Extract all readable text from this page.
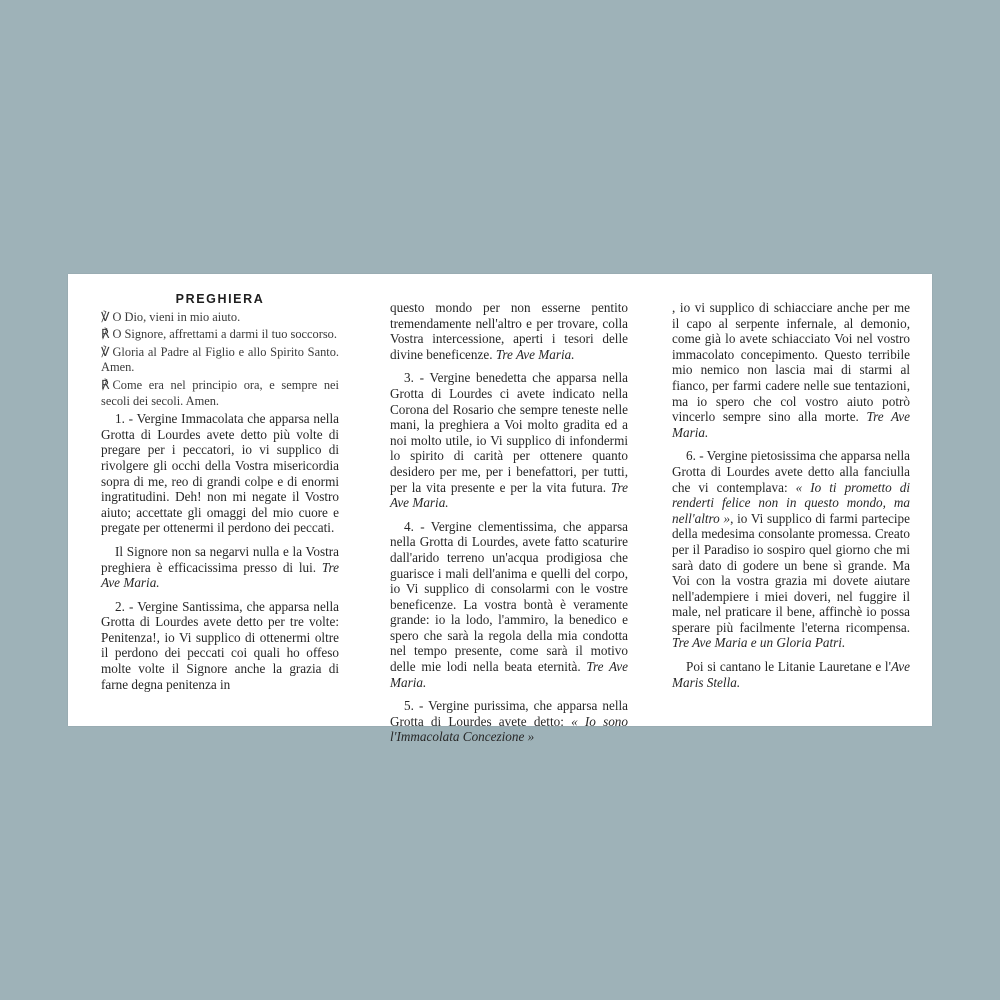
PREGHIERA

℣ O Dio, vieni in mio aiuto.

℟ O Signore, affrettami a darmi il tuo soccorso.

℣ Gloria al Padre al Figlio e allo Spirito Santo. Amen.

℟ Come era nel principio ora, e sempre nei secoli dei secoli. Amen.

1. - Vergine Immacolata che apparsa nella Grotta di Lourdes avete detto più volte di pregare per i peccatori, io vi supplico di rivolgere gli occhi della Vostra misericordia sopra di me, reo di grandi colpe e di enormi ingratitudini. Deh! non mi negate il Vostro aiuto; accettate gli omaggi del mio cuore e pregate per ottenermi il perdono dei peccati.

Il Signore non sa negarvi nulla e la Vostra preghiera è efficacissima presso di lui. Tre Ave Maria.

2. - Vergine Santissima, che apparsa nella Grotta di Lourdes avete detto per tre volte: Penitenza!, io Vi supplico di ottenermi oltre il perdono dei peccati coi quali ho offeso molte volte il Signore anche la grazia di farne degna penitenza in

questo mondo per non esserne pentito tremendamente nell'altro e per trovare, colla Vostra intercessione, aperti i tesori delle divine beneficenze. Tre Ave Maria.

3. - Vergine benedetta che apparsa nella Grotta di Lourdes ci avete indicato nella Corona del Rosario che sempre teneste nelle mani, la preghiera a Voi molto gradita ed a noi molto utile, io Vi supplico di infondermi lo spirito di carità per ottenere quanto desidero per me, per i benefattori, per tutti, per la vita presente e per la vita futura. Tre Ave Maria.

4. - Vergine clementissima, che apparsa nella Grotta di Lourdes, avete fatto scaturire dall'arido terreno un'acqua prodigiosa che guarisce i mali dell'anima e quelli del corpo, io Vi supplico di consolarmi con le vostre beneficenze. La vostra bontà è veramente grande: io la lodo, l'ammiro, la benedico e spero che sarà la regola della mia condotta nel tempo presente, come sarà il motivo delle mie lodi nella beata eternità. Tre Ave Maria.

5. - Vergine purissima, che apparsa nella Grotta di Lourdes avete detto: « Io sono l'Immacolata Concezione »

, io vi supplico di schiacciare anche per me il capo al serpente infernale, al demonio, come già lo avete schiacciato Voi nel vostro immacolato concepimento. Questo terribile mio nemico non lascia mai di starmi al fianco, per farmi cadere nelle sue tentazioni, ma io spero che col vostro aiuto potrò vincerlo sempre sino alla morte. Tre Ave Maria.

6. - Vergine pietosissima che apparsa nella Grotta di Lourdes avete detto alla fanciulla che vi contemplava: « Io ti prometto di renderti felice non in questo mondo, ma nell'altro », io Vi supplico di farmi partecipe della medesima consolante promessa. Creato per il Paradiso io sospiro quel giorno che mi sarà dato di godere un bene sì grande. Ma Voi con la vostra grazia mi dovete aiutare nell'adempiere i miei doveri, nel fuggire il male, nel praticare il bene, affinchè io possa sperare più facilmente l'eterna ricompensa. Tre Ave Maria e un Gloria Patri.

Poi si cantano le Litanie Lauretane e l'Ave Maris Stella.
